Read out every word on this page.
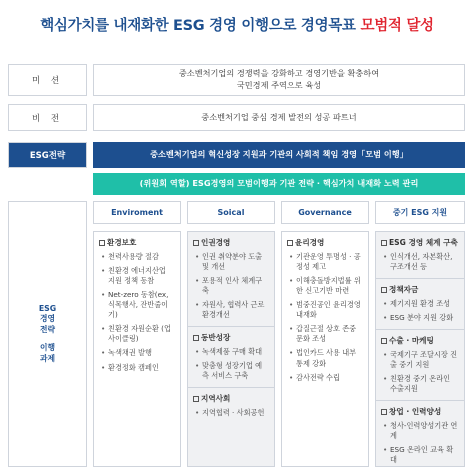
핵심가치를 내재화한 ESG 경영 이행으로 경영목표 모범적 달성
미 션
중소벤처기업의 경쟁력을 강화하고 경영기반을 확충하여
국민경제 주역으로 육성
비 전	중소벤처기업 중심 경제 발전의 성공 파트너
ESG전략	중소벤처기업의 혁신성장 지원과 기관의 사회적 책임 경영「모범 이행」
(위원회 역할) ESG경영의 모범이행과 기관 전략 · 핵심가치 내재화 노력 관리
ESG
경영
전략
이행
과제
Enviroment	Soical	Governance	중기 ESG 지원
환경보호
• 천력사용량 절감
• 친환경 에너지산업 지원 정책 동참
• Net-zero 동참(ex, 식목행사, 잔반줄이기)
• 친환경 자원순환 (업사이클링)
• 녹색채권 발행
• 환경정화 캠페인
인권경영
• 인권 취약분야 도출 및 개선
• 포용적 인사 체계구축
• 자원사, 협력사 근로환경개선
동반성장
• 녹색제품 구매 확대
• 맞춤형 성장기업 예측 서비스 구축
지역사회
• 지역협력 · 사회공헌
윤리경영
• 기관운영 투명성 · 공정성 제고
• 이해충돌방지법률 위한 신고기반 마련
• 범중진공인 윤리경영 내재화
• 갑질근절 상호 존중 문화 조성
• 법인카드 사용 내부통제 강화
• 감사전략 수립
ESG 경영 체계 구축
• 인식개선, 자본확산, 구조개선 등
정책자금
• 제기지원 환경 조성
• ESG 분야 지원 강화
수출 · 마케팅
• 국제기구 조달시장 진출 중기 지원
• 친환경 중기 온라인 수출지원
창업 · 인력양성
• 청사-인력양성기관 연계
• ESG 온라인 교육 확대
